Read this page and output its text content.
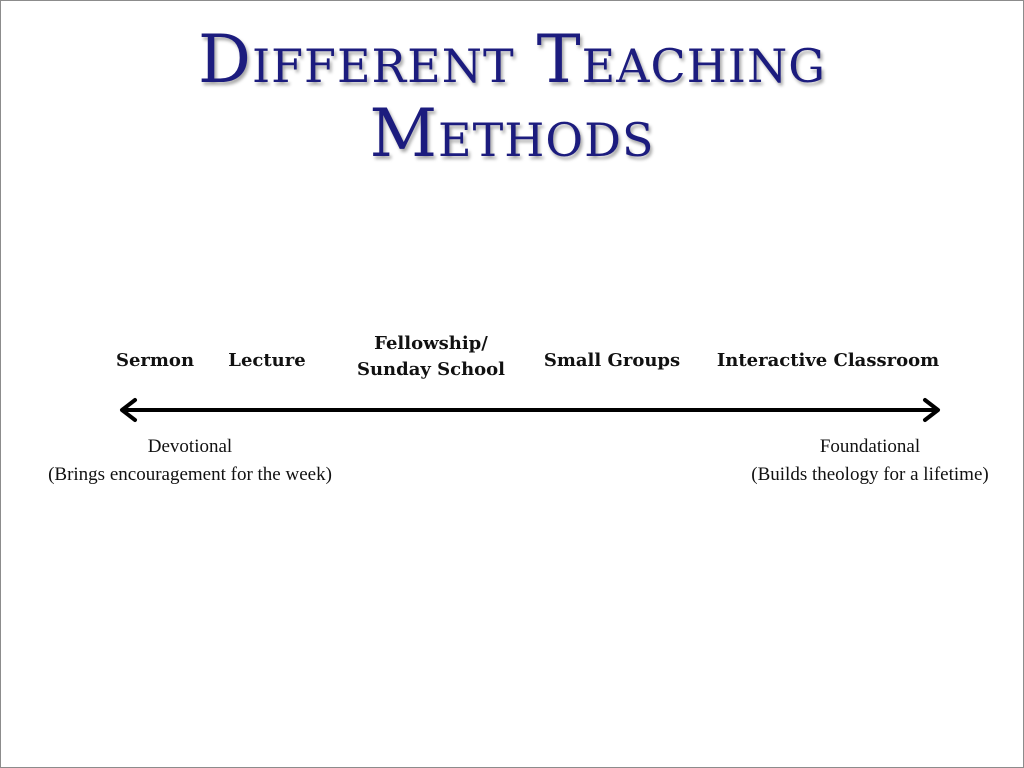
Different Teaching
Methods
Sermon	Lecture
Fellowship/
Sunday School	Small Groups	Interactive Classroom
Devotional
(Brings encouragement for the week)
Foundational
(Builds theology for a lifetime)
